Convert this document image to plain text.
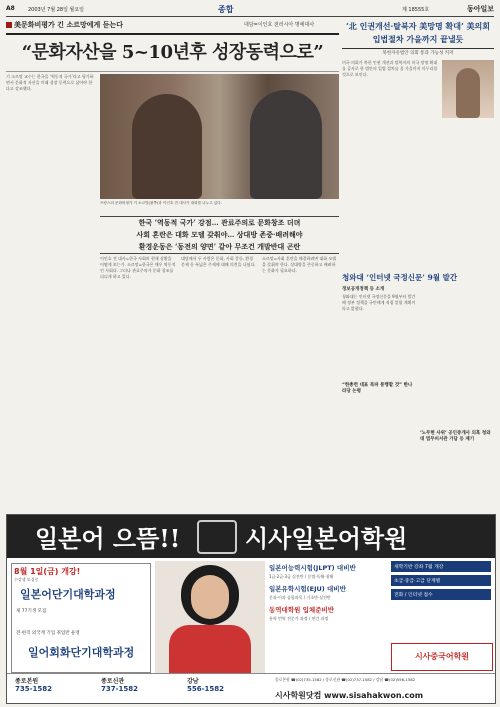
A8	2003년 7월 28일 월요일	종합	제 18555호	동아일보
美문화비평가 긴 소르망에게 듣는다	대담=이인호 전러시아 명예대사
“문화자산을 5~10년후 성장동력으로”

기 소르망 교수는 한국을 ‘역동적 국가’라고 평가하면서 문화적 자산을 미래 성장 동력으로 삼아야 한다고 강조했다.

프랑스의 문화비평가 기 소르망(왼쪽)과 이인호 전 대사가 대화를 나누고 있다.
한국 ‘역동적 국가’ 강점… 관료주의로 문화창조 더뎌
사회 혼란은 대화 모델 갖춰야… 상대방 존중·배려해야
환경운동은 ‘동전의 양면’ 같아 무조건 개발반대 곤란

이인호 전 대사=한국 사회의 현재 상황을 어떻게 보는가. 소르망=한국은 매우 역동적인 사회다. 그러나 관료주의가 문화 창조를 더디게 하고 있다.

대담에서 두 사람은 문화, 사회 갈등, 환경 문제 등 폭넓은 주제에 대해 의견을 나눴다.

소르망=사회 혼란을 해결하려면 대화 모델을 갖춰야 한다. 상대방을 존중하고 배려하는 문화가 필요하다.

‘北 인권개선·탈북자 美망명 확대’ 美의회 입법절차 가을까지 끝낼듯
북한자유법안 의회 통과 가능성 커져

미국 의회가 북한 인권 개선과 탈북자의 미국 망명 확대를 골자로 한 법안의 입법 절차를 올 가을까지 마무리할 것으로 보인다.

청와대 ‘인터넷 국정신문’ 9월 발간
정보공개정책 등 소개

청와대는 인터넷 국정신문을 9월부터 발간해 정부 정책을 국민에게 직접 알릴 계획이라고 밝혔다.

“한총련 대표 북파 통행할 것” 한나라당 논평
‘노무현 사위’ 공인중개사 의혹 청와대 법무비서관 가담 등 제기
일본어 으뜸!!	시사일본어학원
8월 1일(금) 개강!
수강생 모집중
일본어단기대학과정
제 77기생 모집
전·현직 외국계 기업 취업반 운영
일어회화단기대학과정
일본어능력시험(JLPT) 대비반
1급·2급·3급 실전반 / 문법·독해·청해
일본유학시험(EJU) 대비반
문과·이과 종합과목 / 기초반·실전반
동역대학원 입체준비반
통역 번역 전문가 과정 / 연간 과정
새학기반 강좌 7월 개강
초급·중급·고급 단계별
전화 / 인터넷 접수
시사중국어학원
종로본원
735-1582
종로신관
737-1582
강남
556-1582
종로본원 ☎(02)735-1582 / 종로신관 ☎(02)737-1582 / 강남 ☎(02)556-1582
시사학원닷컴 www.sisahakwon.com
